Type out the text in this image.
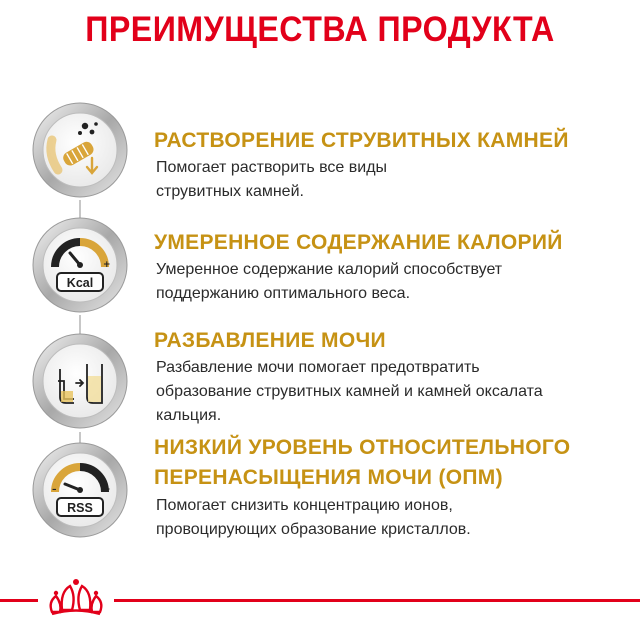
ПРЕИМУЩЕСТВА ПРОДУКТА
РАСТВОРЕНИЕ СТРУВИТНЫХ КАМНЕЙ
Помогает растворить все виды
струвитных камней.
–	+
Kcal
УМЕРЕННОЕ СОДЕРЖАНИЕ КАЛОРИЙ
Умеренное содержание калорий способствует
поддержанию оптимального веса.
РАЗБАВЛЕНИЕ МОЧИ
Разбавление мочи помогает предотвратить
образование струвитных камней и камней оксалата
кальция.
–	+
RSS
НИЗКИЙ УРОВЕНЬ ОТНОСИТЕЛЬНОГО
ПЕРЕНАСЫЩЕНИЯ МОЧИ (ОПМ)
Помогает снизить концентрацию ионов,
провоцирующих образование кристаллов.
